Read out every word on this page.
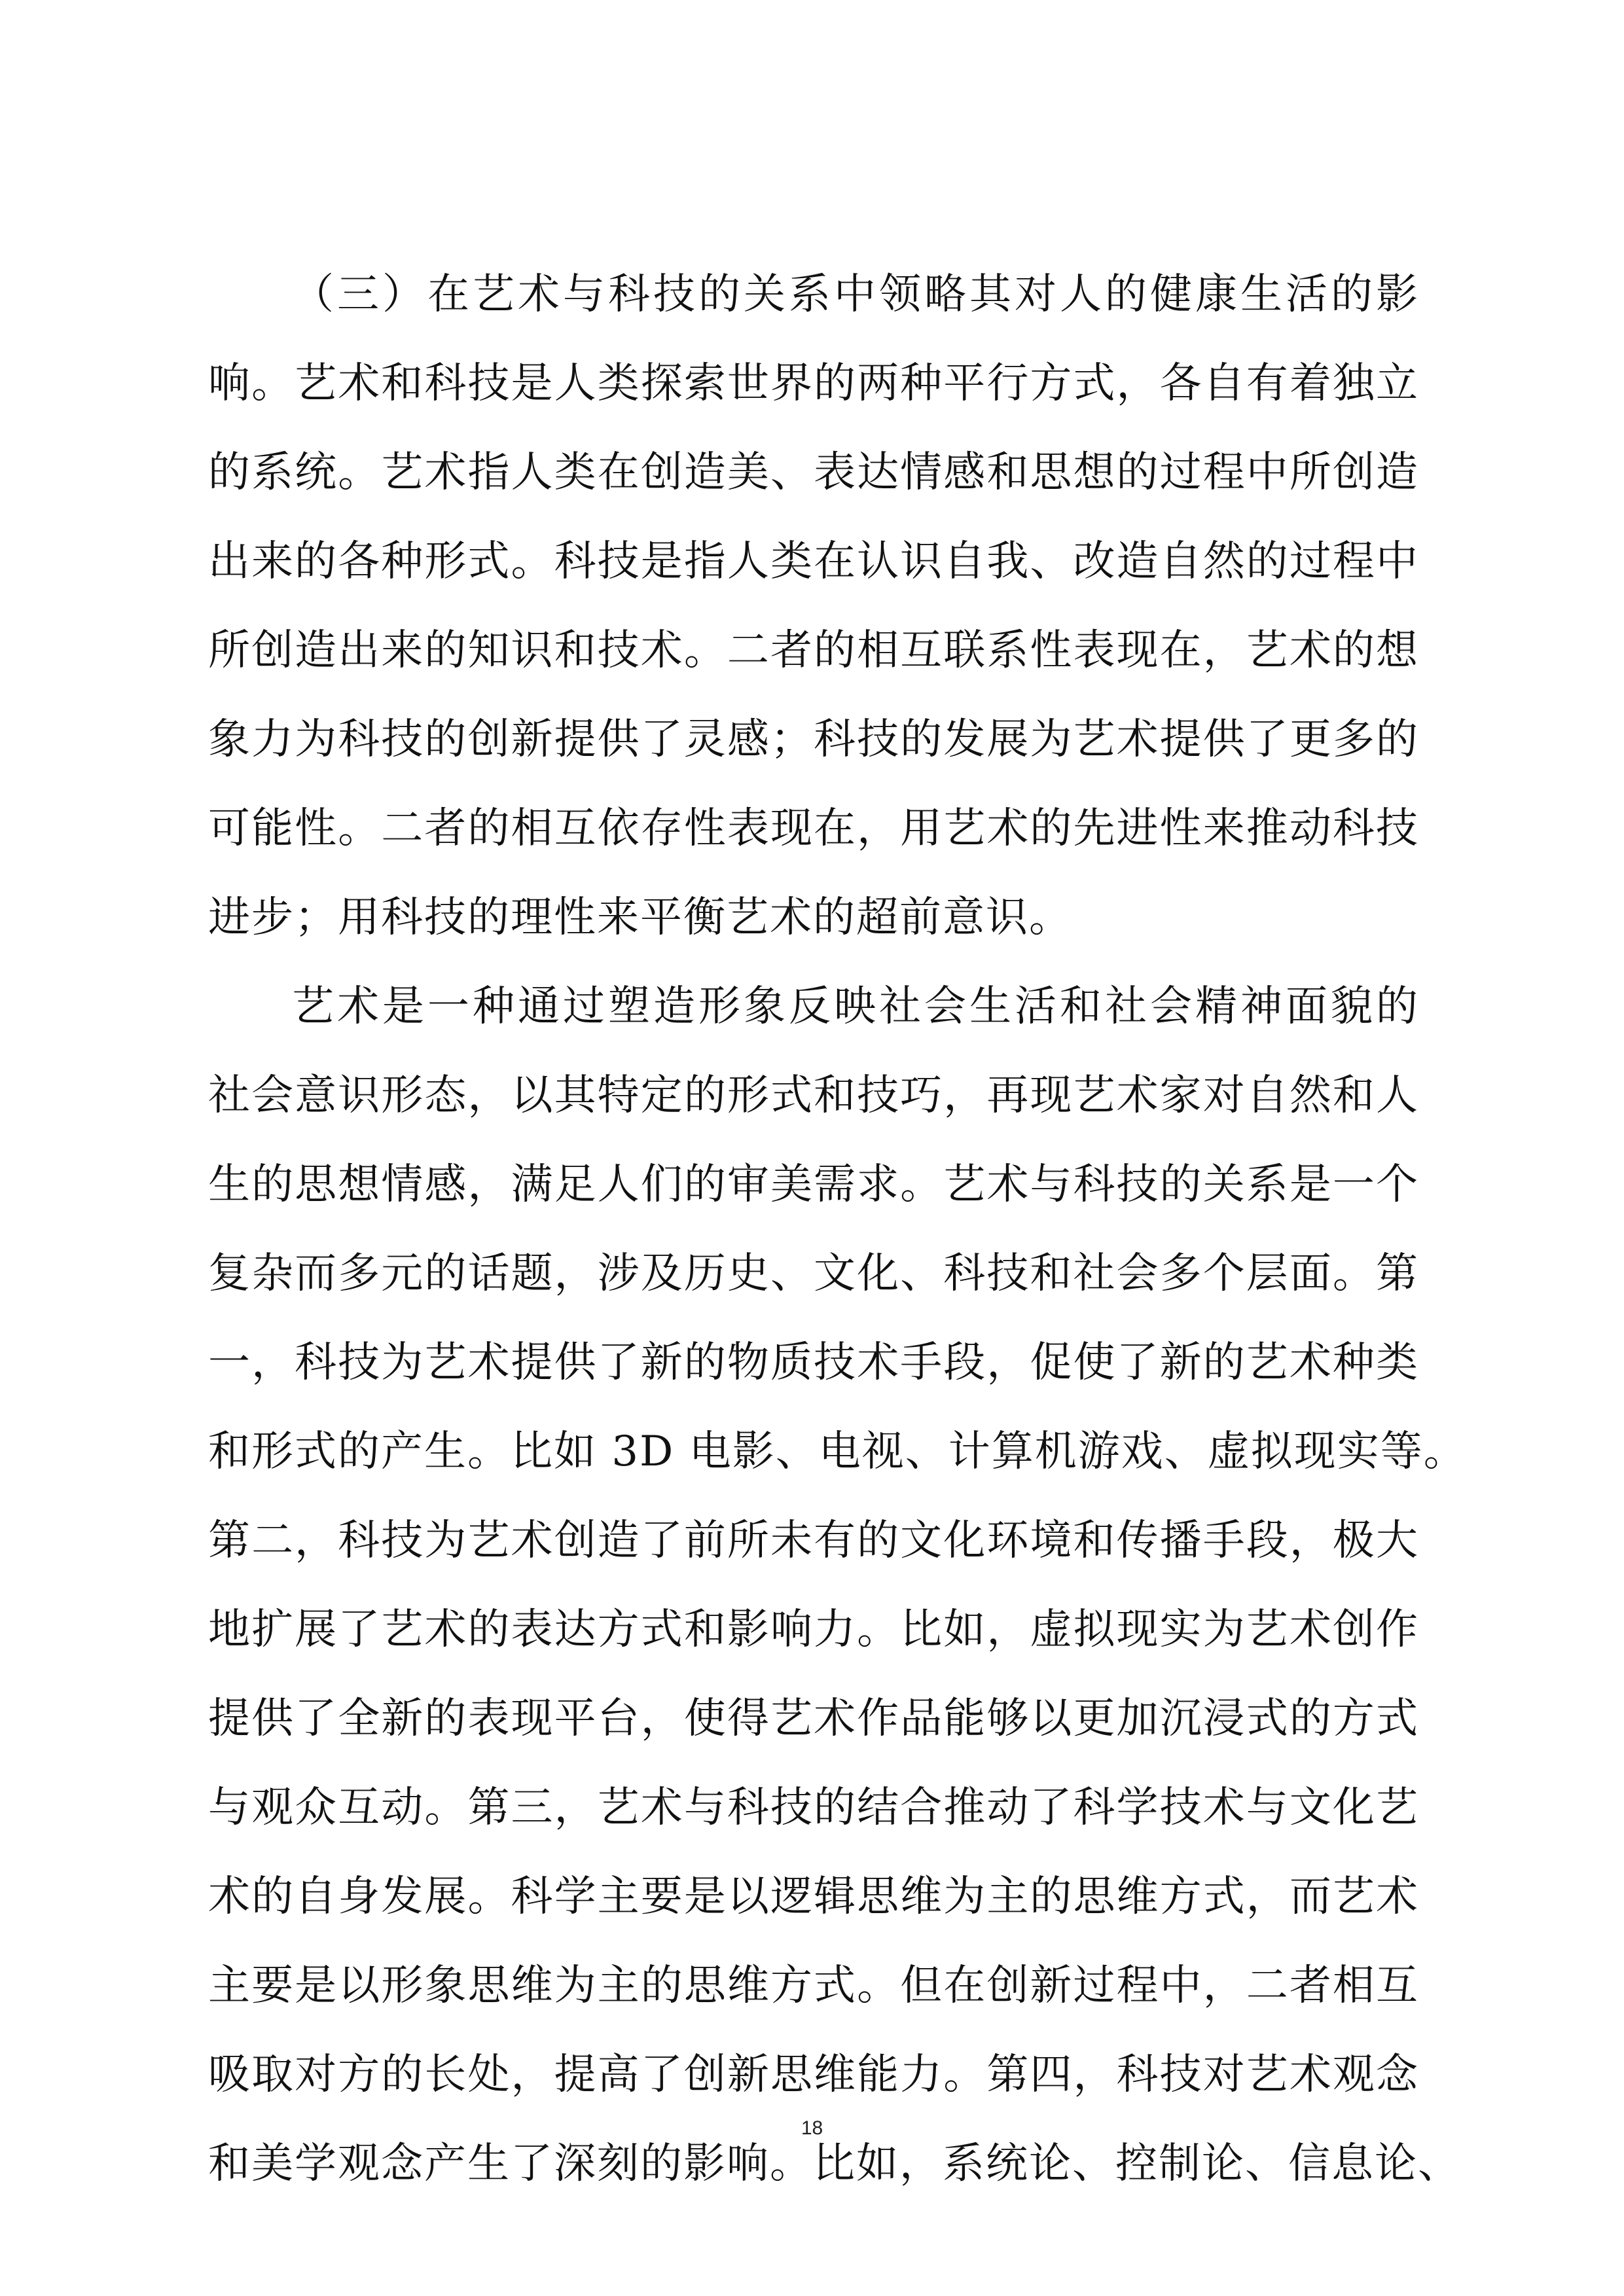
（三）在艺术与科技的关系中领略其对人的健康生活的影
响。艺术和科技是人类探索世界的两种平行方式，各自有着独立
的系统。艺术指人类在创造美、表达情感和思想的过程中所创造
出来的各种形式。科技是指人类在认识自我、改造自然的过程中
所创造出来的知识和技术。二者的相互联系性表现在，艺术的想
象力为科技的创新提供了灵感；科技的发展为艺术提供了更多的
可能性。二者的相互依存性表现在，用艺术的先进性来推动科技
进步；用科技的理性来平衡艺术的超前意识。
艺术是一种通过塑造形象反映社会生活和社会精神面貌的
社会意识形态，以其特定的形式和技巧，再现艺术家对自然和人
生的思想情感，满足人们的审美需求。艺术与科技的关系是一个
复杂而多元的话题，涉及历史、文化、科技和社会多个层面。第
一，科技为艺术提供了新的物质技术手段，促使了新的艺术种类
和形式的产生。比如 3D 电影、电视、计算机游戏、虚拟现实等。
第二，科技为艺术创造了前所未有的文化环境和传播手段，极大
地扩展了艺术的表达方式和影响力。比如，虚拟现实为艺术创作
提供了全新的表现平台，使得艺术作品能够以更加沉浸式的方式
与观众互动。第三，艺术与科技的结合推动了科学技术与文化艺
术的自身发展。科学主要是以逻辑思维为主的思维方式，而艺术
主要是以形象思维为主的思维方式。但在创新过程中，二者相互
吸取对方的长处，提高了创新思维能力。第四，科技对艺术观念
和美学观念产生了深刻的影响。比如，系统论、控制论、信息论、
18
